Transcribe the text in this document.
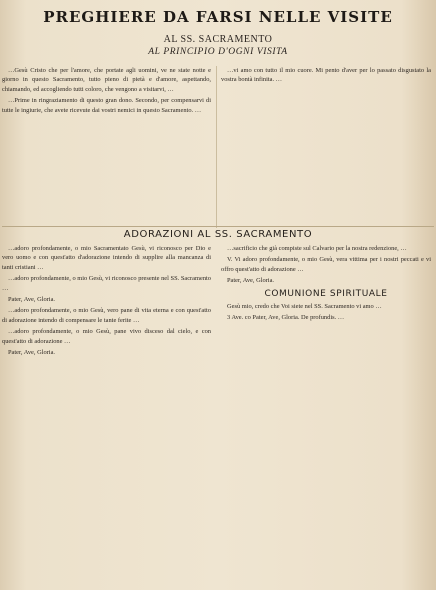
PREGHIERE DA FARSI NELLE VISITE
AL SS. SACRAMENTO
AL PRINCIPIO D'OGNI VISITA

…Gesù Cristo che per l'amore, che portate agli uomini, ve ne state notte e giorno in questo Sacramento, tutto pieno di pietà e d'amore, aspettando, chiamando, ed accogliendo tutti coloro, che vengono a visitarvi, …

…Prime in ringraziamento di questo gran dono. Secondo, per compensarvi di tutte le ingiurie, che avete ricevute dai vostri nemici in questo Sacramento. …

…vi amo con tutto il mio cuore. Mi pento d'aver per lo passato disgustato la vostra bontà infinita. …

ADORAZIONI AL SS. SACRAMENTO

…adoro profondamente, o mio Sacramentato Gesù, vi riconosco per Dio e vero uomo e con quest'atto d'adorazione intendo di supplire alla mancanza di tanti cristiani …

…adoro profondamente, o mio Gesù, vi riconosco presente nel SS. Sacramento …

Pater, Ave, Gloria.

…adoro profondamente, o mio Gesù, vero pane di vita eterna e con quest'atto di adorazione intendo di compensare le tante ferite …

…adoro profondamente, o mio Gesù, pane vivo disceso dal cielo, e con quest'atto di adorazione …

Pater, Ave, Gloria.

…sacrificio che già compiste sul Calvario per la nostra redenzione, …

V. Vi adoro profondamente, o mio Gesù, vera vittima per i nostri peccati e vi offro quest'atto di adorazione …

Pater, Ave, Gloria.

COMUNIONE SPIRITUALE

Gesù mio, credo che Voi siete nel SS. Sacramento vi amo …

3 Ave. co Pater, Ave, Gloria. De profundis. …
